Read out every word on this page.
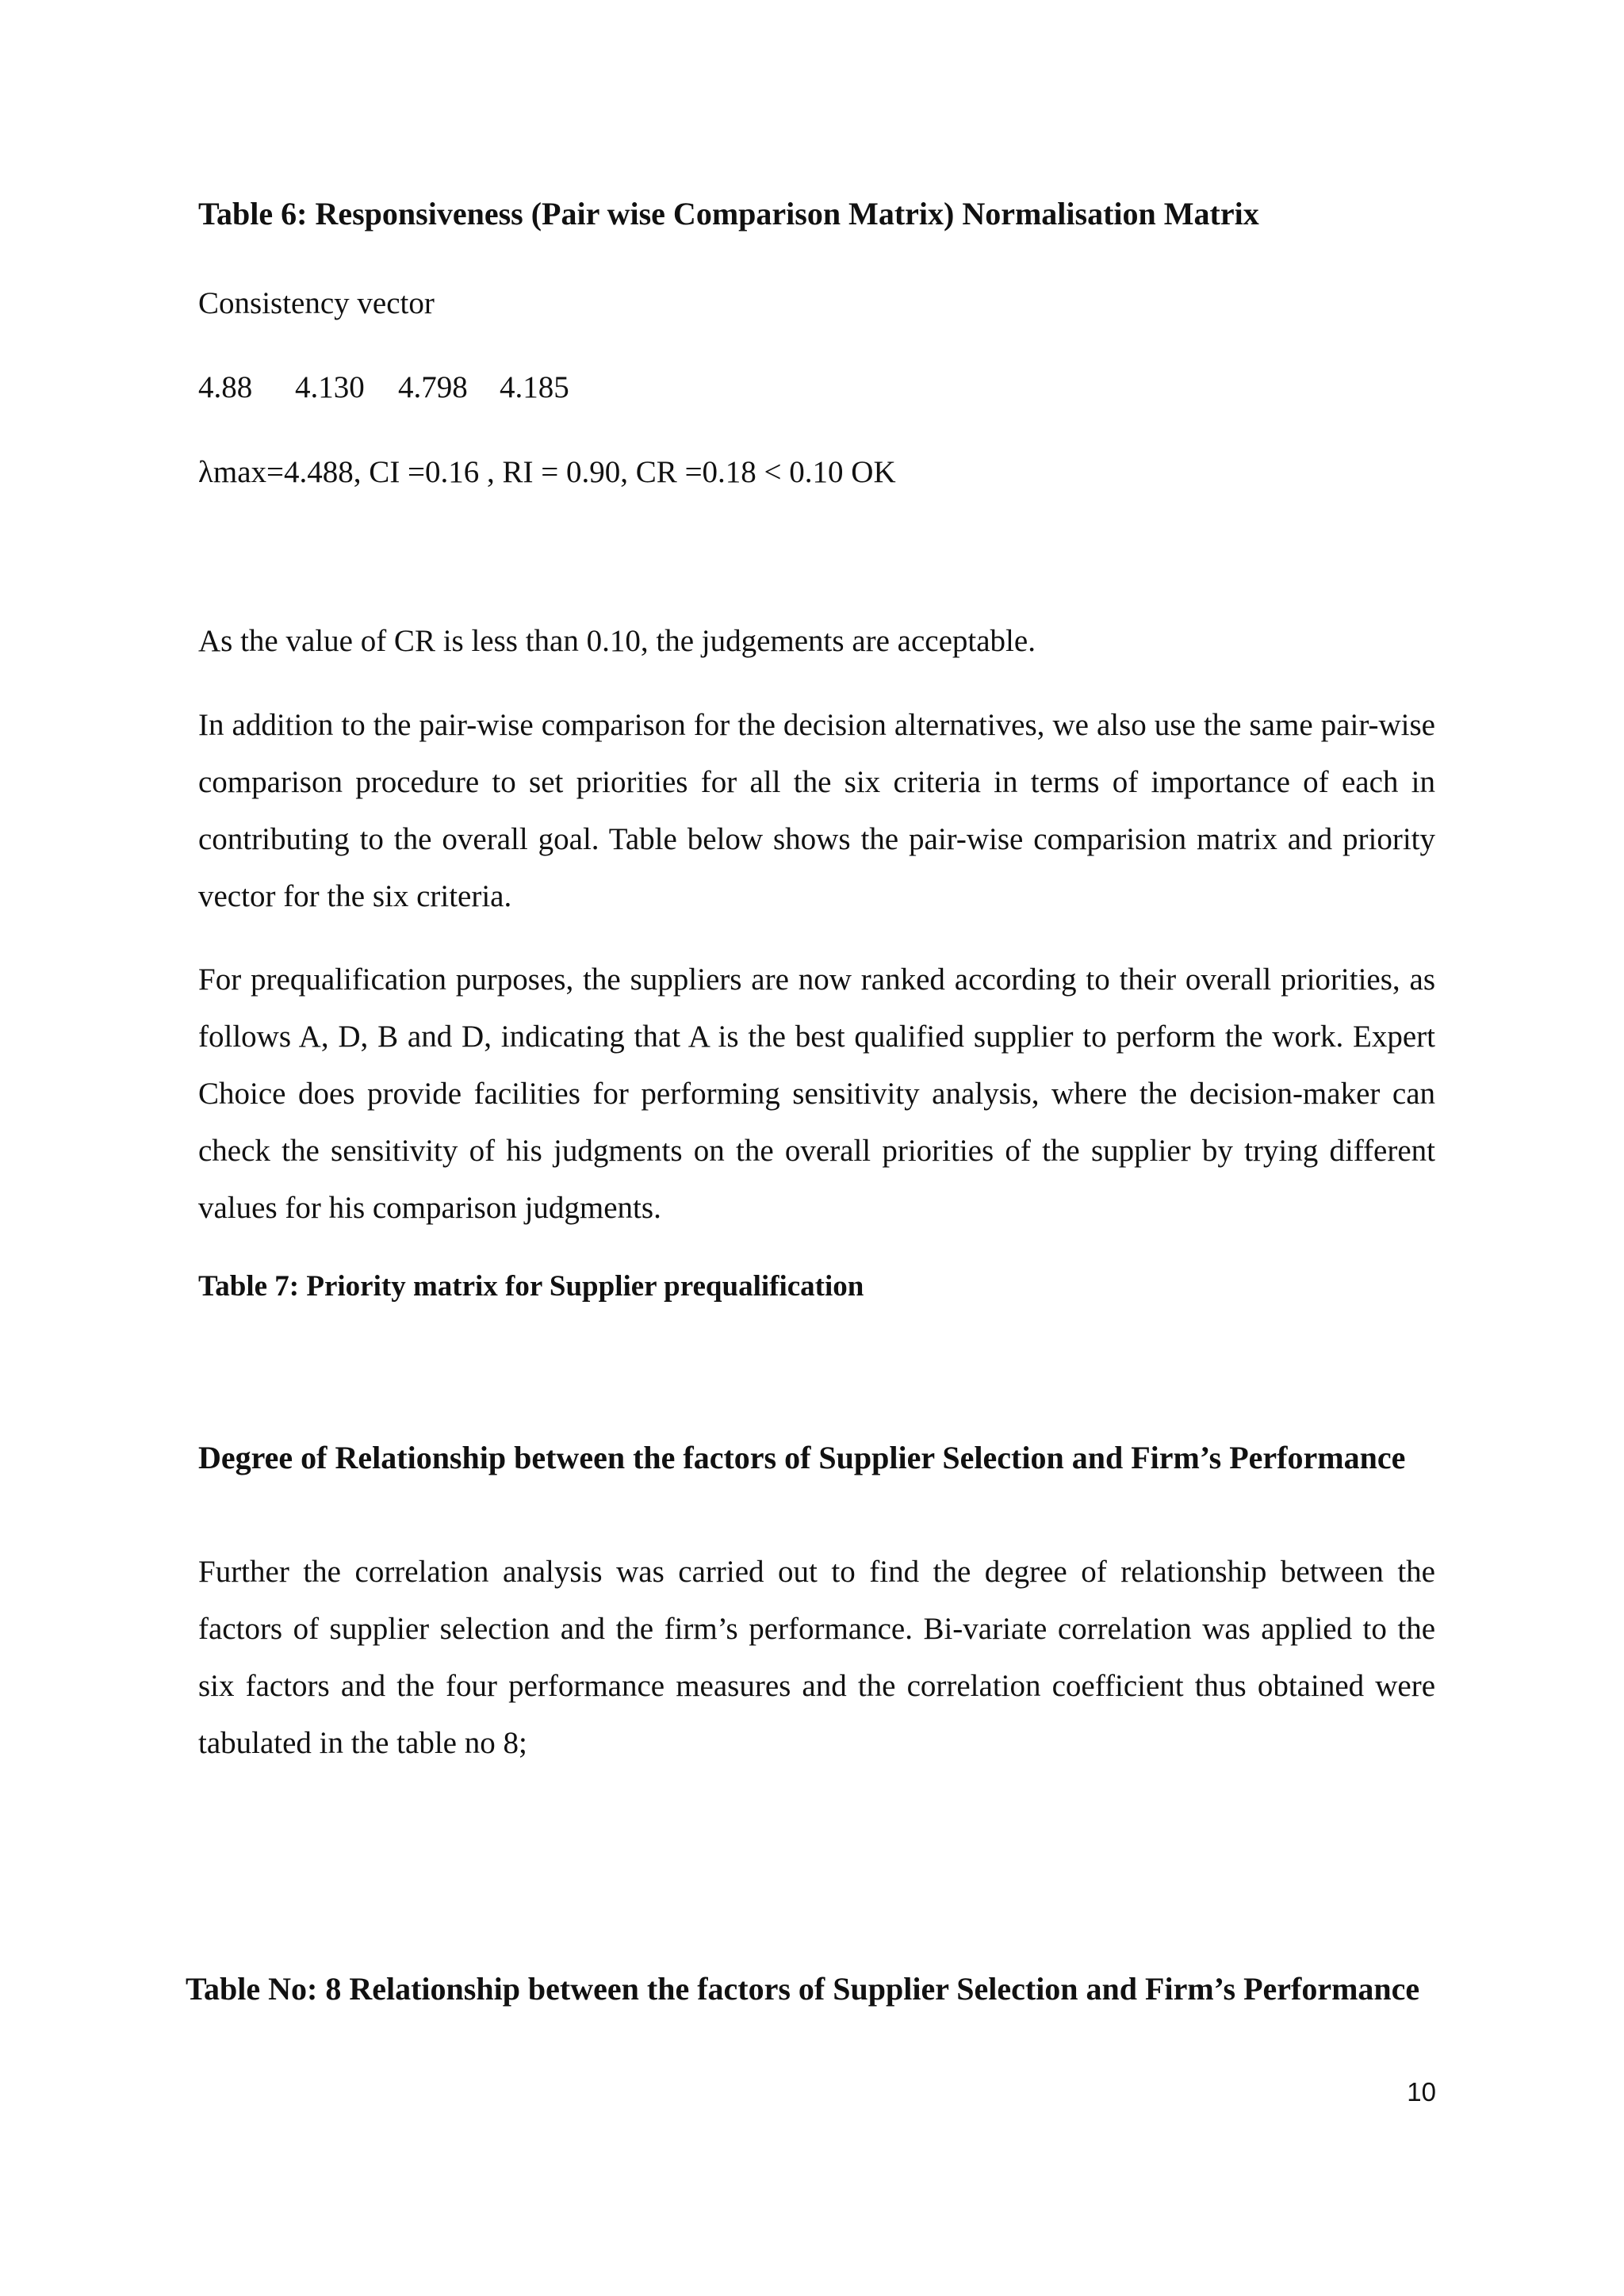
Table 6: Responsiveness (Pair wise Comparison Matrix) Normalisation Matrix

Consistency vector

4.88 4.130 4.798 4.185

λmax=4.488, CI =0.16 , RI = 0.90, CR =0.18 < 0.10 OK

As the value of CR is less than 0.10, the judgements are acceptable.

In addition to the pair-wise comparison for the decision alternatives, we also use the same pair-wise comparison procedure to set priorities for all the six criteria in terms of importance of each in contributing to the overall goal. Table below shows the pair-wise comparision matrix and priority vector for the six criteria.

For prequalification purposes, the suppliers are now ranked according to their overall priorities, as follows A, D, B and D, indicating that A is the best qualified supplier to perform the work. Expert Choice does provide facilities for performing sensitivity analysis, where the decision-maker can check the sensitivity of his judgments on the overall priorities of the supplier by trying different values for his comparison judgments.

Table 7: Priority matrix for Supplier prequalification

Degree of Relationship between the factors of Supplier Selection and Firm’s Performance

Further the correlation analysis was carried out to find the degree of relationship between the factors of supplier selection and the firm’s performance. Bi-variate correlation was applied to the six factors and the four performance measures and the correlation coefficient thus obtained were tabulated in the table no 8;

Table No: 8 Relationship between the factors of Supplier Selection and Firm’s Performance

10
